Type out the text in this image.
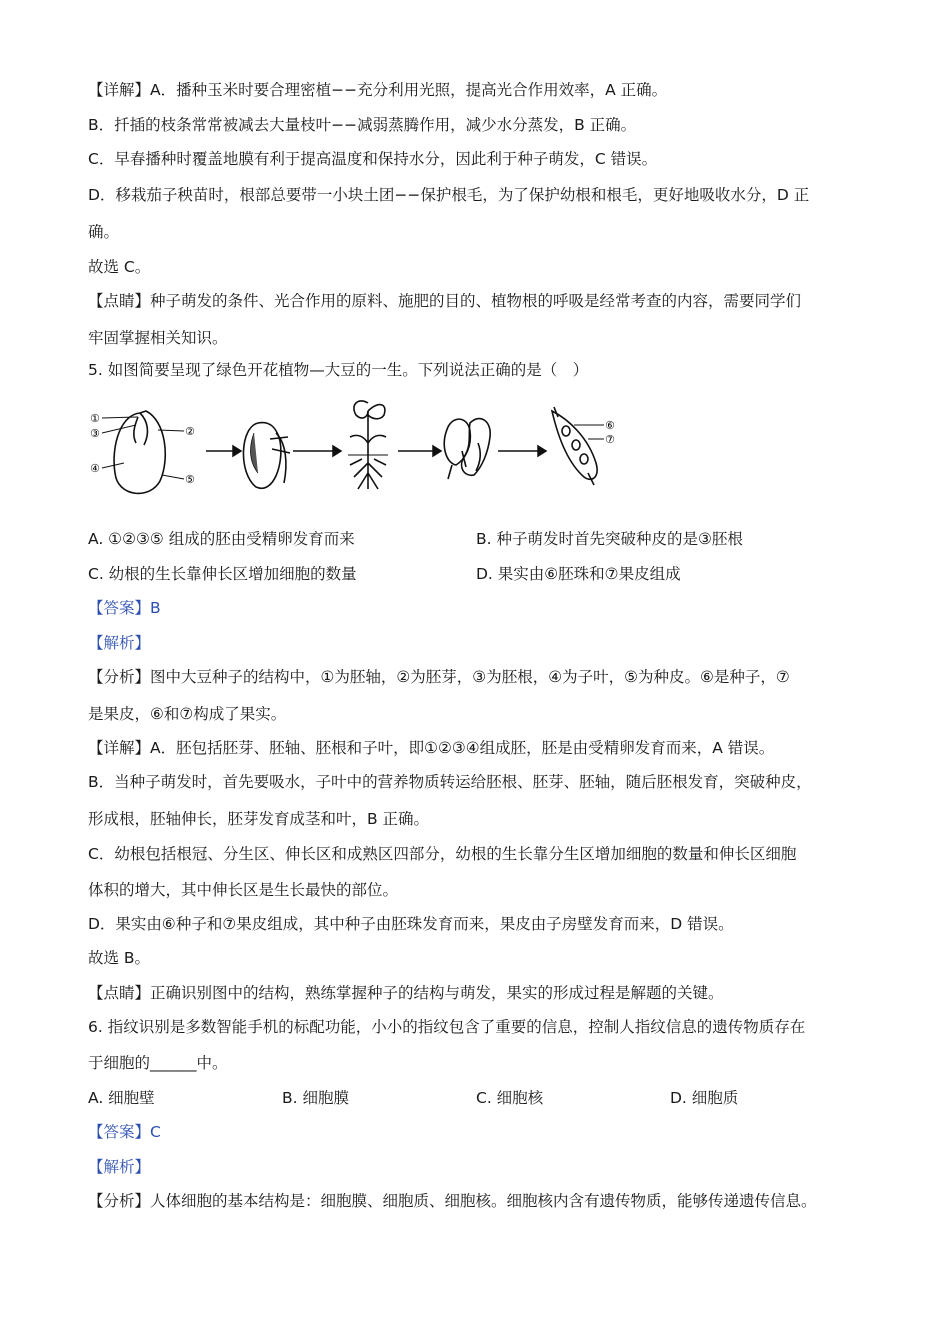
【详解】A．播种玉米时要合理密植−−充分利用光照，提高光合作用效率，A 正确。
B．扦插的枝条常常被减去大量枝叶−−减弱蒸腾作用，减少水分蒸发，B 正确。
C．早春播种时覆盖地膜有利于提高温度和保持水分，因此利于种子萌发，C 错误。
D．移栽茄子秧苗时，根部总要带一小块土团−−保护根毛，为了保护幼根和根毛，更好地吸收水分，D 正
确。
故选 C。
【点睛】种子萌发的条件、光合作用的原料、施肥的目的、植物根的呼吸是经常考查的内容，需要同学们
牢固掌握相关知识。
5. 如图简要呈现了绿色开花植物—大豆的一生。下列说法正确的是（　）
①
③	②
④
⑤
⑥
⑦
A. ①②③⑤ 组成的胚由受精卵发育而来	B. 种子萌发时首先突破种皮的是③胚根
C. 幼根的生长靠伸长区增加细胞的数量	D. 果实由⑥胚珠和⑦果皮组成
【答案】B
【解析】
【分析】图中大豆种子的结构中，①为胚轴，②为胚芽，③为胚根，④为子叶，⑤为种皮。⑥是种子，⑦
是果皮，⑥和⑦构成了果实。
【详解】A．胚包括胚芽、胚轴、胚根和子叶，即①②③④组成胚，胚是由受精卵发育而来，A 错误。
B．当种子萌发时，首先要吸水，子叶中的营养物质转运给胚根、胚芽、胚轴，随后胚根发育，突破种皮，
形成根，胚轴伸长，胚芽发育成茎和叶，B 正确。
C．幼根包括根冠、分生区、伸长区和成熟区四部分，幼根的生长靠分生区增加细胞的数量和伸长区细胞
体积的增大，其中伸长区是生长最快的部位。
D．果实由⑥种子和⑦果皮组成，其中种子由胚珠发育而来，果皮由子房壁发育而来，D 错误。
故选 B。
【点睛】正确识别图中的结构，熟练掌握种子的结构与萌发，果实的形成过程是解题的关键。
6. 指纹识别是多数智能手机的标配功能，小小的指纹包含了重要的信息，控制人指纹信息的遗传物质存在
于细胞的______中。
A. 细胞壁	B. 细胞膜	C. 细胞核	D. 细胞质
【答案】C
【解析】
【分析】人体细胞的基本结构是：细胞膜、细胞质、细胞核。细胞核内含有遗传物质，能够传递遗传信息。
